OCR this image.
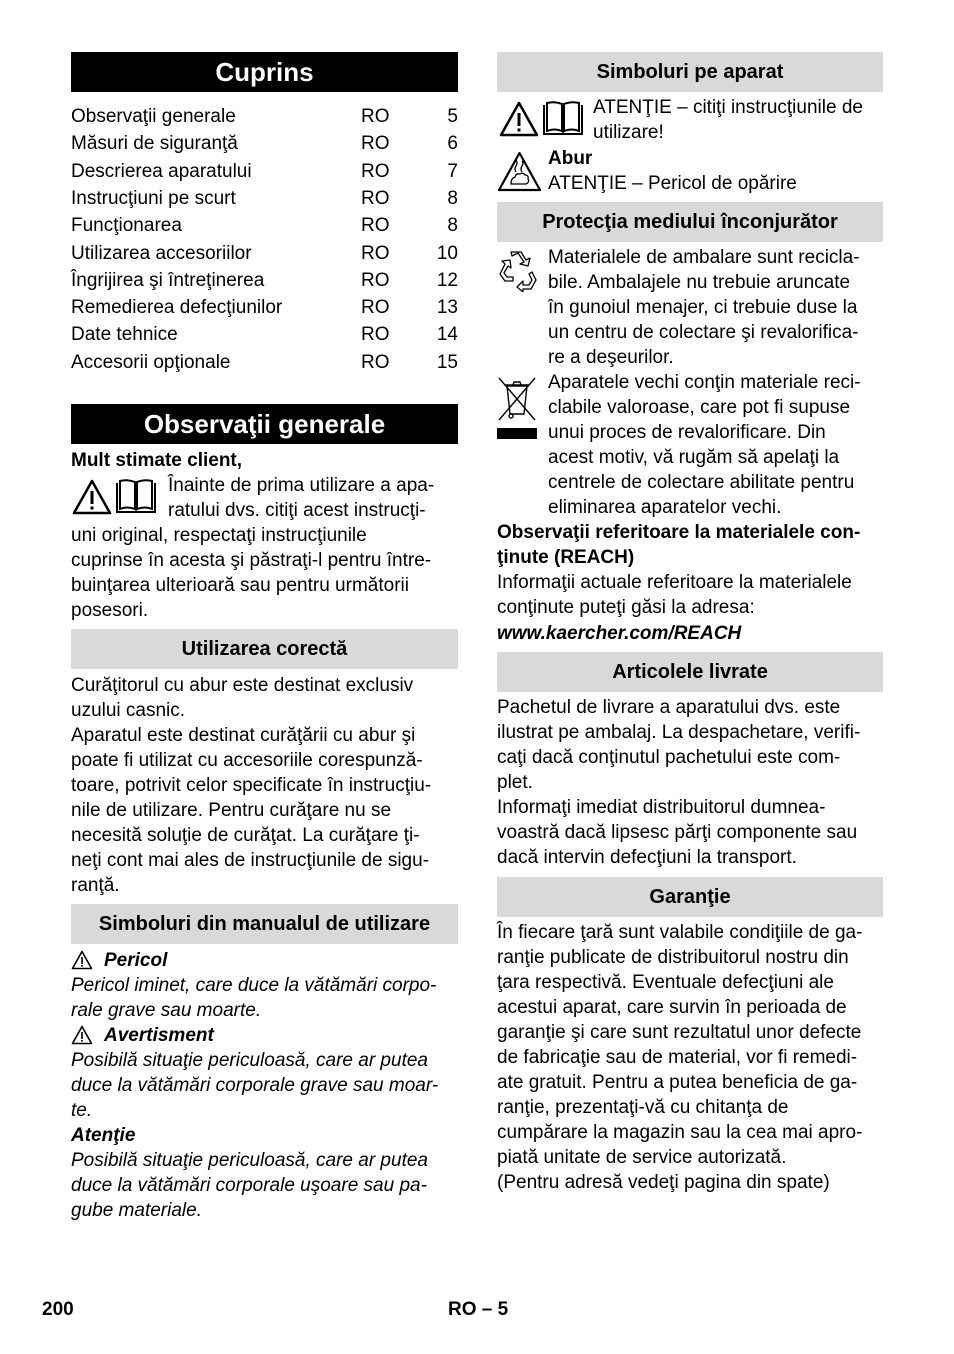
Cuprins
Observaţii generale	RO	5
Măsuri de siguranţă	RO	6
Descrierea aparatului	RO	7
Instrucţiuni pe scurt	RO	8
Funcţionarea	RO	8
Utilizarea accesoriilor	RO 10
Îngrijirea şi întreţinerea	RO 12
Remedierea defecţiunilor	RO 13
Date tehnice	RO 14
Accesorii opţionale	RO 15
Observaţii generale
Mult stimate client,
Înainte de prima utilizare a apa-
ratului dvs. citiţi acest instrucţi-
uni original, respectaţi instrucţiunile
cuprinse în acesta şi păstraţi-l pentru între-
buinţarea ulterioară sau pentru următorii
posesori.
Utilizarea corectă
Curăţitorul cu abur este destinat exclusiv
uzului casnic.
Aparatul este destinat curăţării cu abur şi
poate fi utilizat cu accesoriile corespunză-
toare, potrivit celor specificate în instrucţiu-
nile de utilizare. Pentru curăţare nu se
necesită soluţie de curăţat. La curăţare ţi-
neţi cont mai ales de instrucţiunile de sigu-
ranţă.
Simboluri din manualul de utilizare
Pericol
Pericol iminet, care duce la vătămări corpo-
rale grave sau moarte.
Avertisment
Posibilă situaţie periculoasă, care ar putea
duce la vătămări corporale grave sau moar-
te.
Atenţie
Posibilă situaţie periculoasă, care ar putea
duce la vătămări corporale uşoare sau pa-
gube materiale.
Simboluri pe aparat
ATENŢIE – citiţi instrucţiunile de
utilizare!
Abur
ATENŢIE – Pericol de opărire
Protecţia mediului înconjurător
Materialele de ambalare sunt recicla-
bile. Ambalajele nu trebuie aruncate
în gunoiul menajer, ci trebuie duse la
un centru de colectare şi revalorifica-
re a deşeurilor.
Aparatele vechi conţin materiale reci-
clabile valoroase, care pot fi supuse
unui proces de revalorificare. Din
acest motiv, vă rugăm să apelaţi la
centrele de colectare abilitate pentru
eliminarea aparatelor vechi.
Observaţii referitoare la materialele con-
ţinute (REACH)
Informaţii actuale referitoare la materialele
conţinute puteţi găsi la adresa:
www.kaercher.com/REACH
Articolele livrate
Pachetul de livrare a aparatului dvs. este
ilustrat pe ambalaj. La despachetare, verifi-
caţi dacă conţinutul pachetului este com-
plet.
Informaţi imediat distribuitorul dumnea-
voastră dacă lipsesc părţi componente sau
dacă intervin defecţiuni la transport.
Garanţie
În fiecare ţară sunt valabile condiţiile de ga-
ranţie publicate de distribuitorul nostru din
ţara respectivă. Eventuale defecţiuni ale
acestui aparat, care survin în perioada de
garanţie şi care sunt rezultatul unor defecte
de fabricaţie sau de material, vor fi remedi-
ate gratuit. Pentru a putea beneficia de ga-
ranţie, prezentaţi-vă cu chitanţa de
cumpărare la magazin sau la cea mai apro-
piată unitate de service autorizată.
(Pentru adresă vedeţi pagina din spate)
200	RO – 5
